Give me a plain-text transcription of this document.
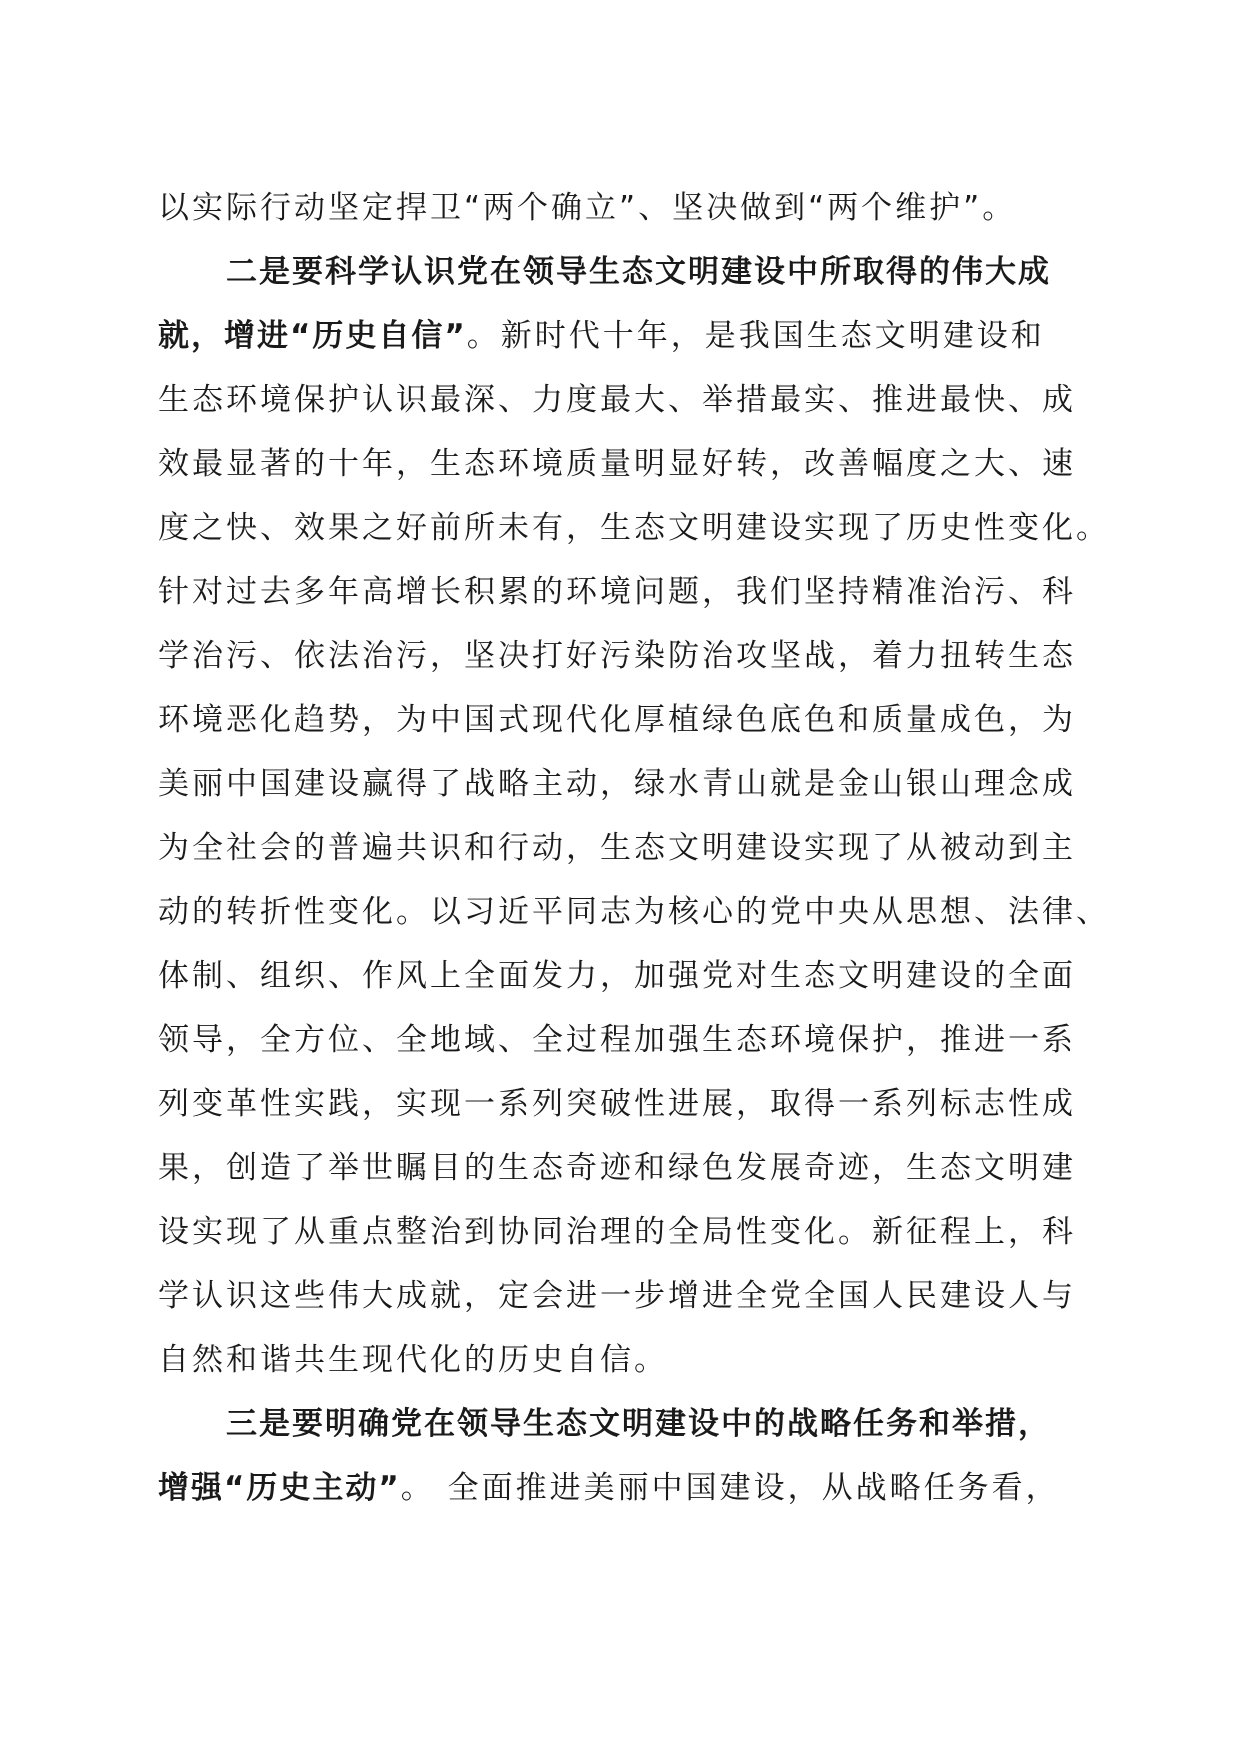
以实际行动坚定捍卫“两个确立”、坚决做到“两个维护”。
二是要科学认识党在领导生态文明建设中所取得的伟大成
就，增进“历史自信”。新时代十年，是我国生态文明建设和
生态环境保护认识最深、力度最大、举措最实、推进最快、成
效最显著的十年，生态环境质量明显好转，改善幅度之大、速
度之快、效果之好前所未有，生态文明建设实现了历史性变化。
针对过去多年高增长积累的环境问题，我们坚持精准治污、科
学治污、依法治污，坚决打好污染防治攻坚战，着力扭转生态
环境恶化趋势，为中国式现代化厚植绿色底色和质量成色，为
美丽中国建设赢得了战略主动，绿水青山就是金山银山理念成
为全社会的普遍共识和行动，生态文明建设实现了从被动到主
动的转折性变化。以习近平同志为核心的党中央从思想、法律、
体制、组织、作风上全面发力，加强党对生态文明建设的全面
领导，全方位、全地域、全过程加强生态环境保护，推进一系
列变革性实践，实现一系列突破性进展，取得一系列标志性成
果，创造了举世瞩目的生态奇迹和绿色发展奇迹，生态文明建
设实现了从重点整治到协同治理的全局性变化。新征程上，科
学认识这些伟大成就，定会进一步增进全党全国人民建设人与
自然和谐共生现代化的历史自信。
三是要明确党在领导生态文明建设中的战略任务和举措，
增强“历史主动”。 全面推进美丽中国建设，从战略任务看，
